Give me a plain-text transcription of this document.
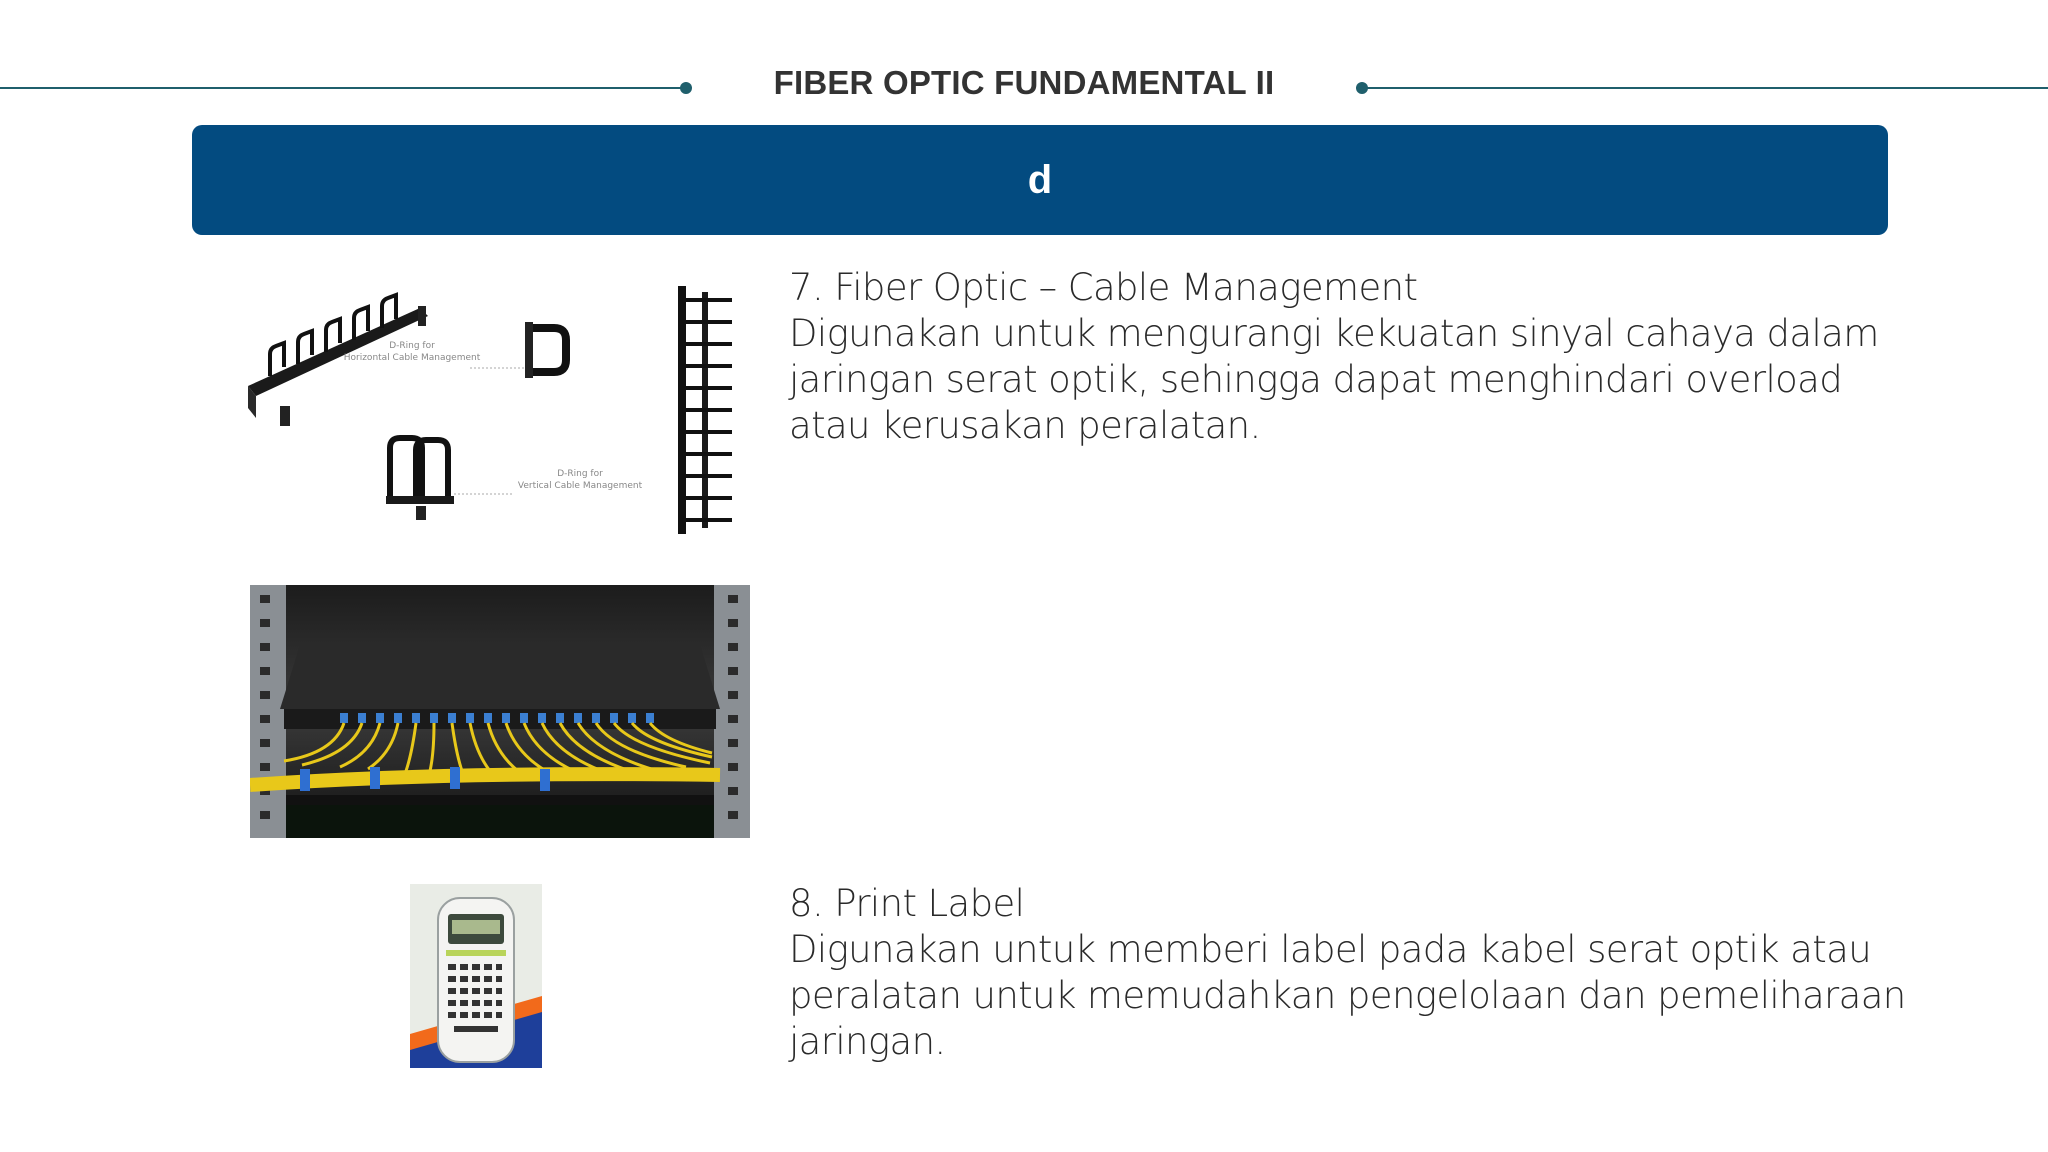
FIBER OPTIC FUNDAMENTAL II
d
D-Ring for
Horizontal Cable Management
D-Ring for
Vertical Cable Management

7. Fiber Optic – Cable Management

Digunakan untuk mengurangi kekuatan sinyal cahaya dalam jaringan serat optik, sehingga dapat menghindari overload atau kerusakan peralatan.

8. Print Label

Digunakan untuk memberi label pada kabel serat optik atau peralatan untuk memudahkan pengelolaan dan pemeliharaan jaringan.
